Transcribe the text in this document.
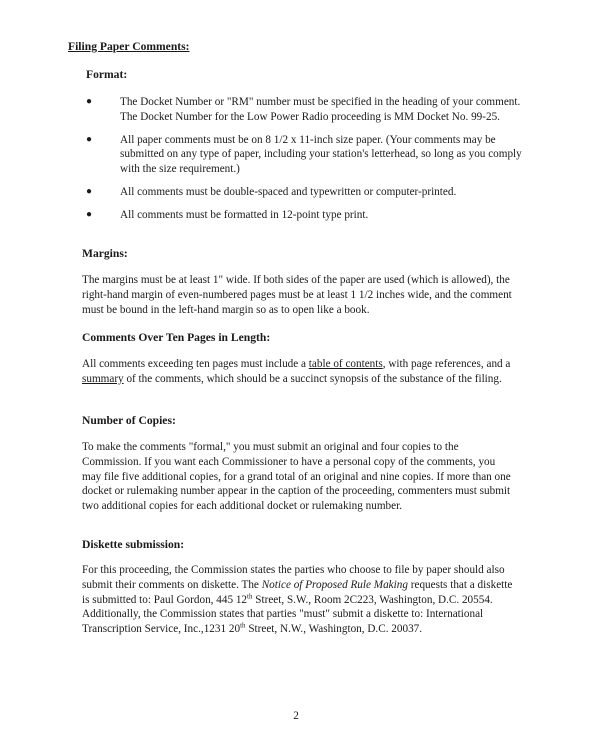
Filing Paper Comments:
Format:
● The Docket Number or "RM" number must be specified in the heading of your comment. The Docket Number for the Low Power Radio proceeding is MM Docket No. 99-25.
● All paper comments must be on 8 1/2 x 11-inch size paper. (Your comments may be submitted on any type of paper, including your station's letterhead, so long as you comply with the size requirement.)
● All comments must be double-spaced and typewritten or computer-printed.
● All comments must be formatted in 12-point type print.
Margins:
The margins must be at least 1" wide. If both sides of the paper are used (which is allowed), the right-hand margin of even-numbered pages must be at least 1 1/2 inches wide, and the comment must be bound in the left-hand margin so as to open like a book.
Comments Over Ten Pages in Length:
All comments exceeding ten pages must include a table of contents, with page references, and a summary of the comments, which should be a succinct synopsis of the substance of the filing.
Number of Copies:
To make the comments "formal," you must submit an original and four copies to the Commission. If you want each Commissioner to have a personal copy of the comments, you may file five additional copies, for a grand total of an original and nine copies. If more than one docket or rulemaking number appear in the caption of the proceeding, commenters must submit two additional copies for each additional docket or rulemaking number.
Diskette submission:
For this proceeding, the Commission states the parties who choose to file by paper should also submit their comments on diskette. The Notice of Proposed Rule Making requests that a diskette is submitted to: Paul Gordon, 445 12th Street, S.W., Room 2C223, Washington, D.C. 20554. Additionally, the Commission states that parties "must" submit a diskette to: International Transcription Service, Inc.,1231 20th Street, N.W., Washington, D.C. 20037.
2
